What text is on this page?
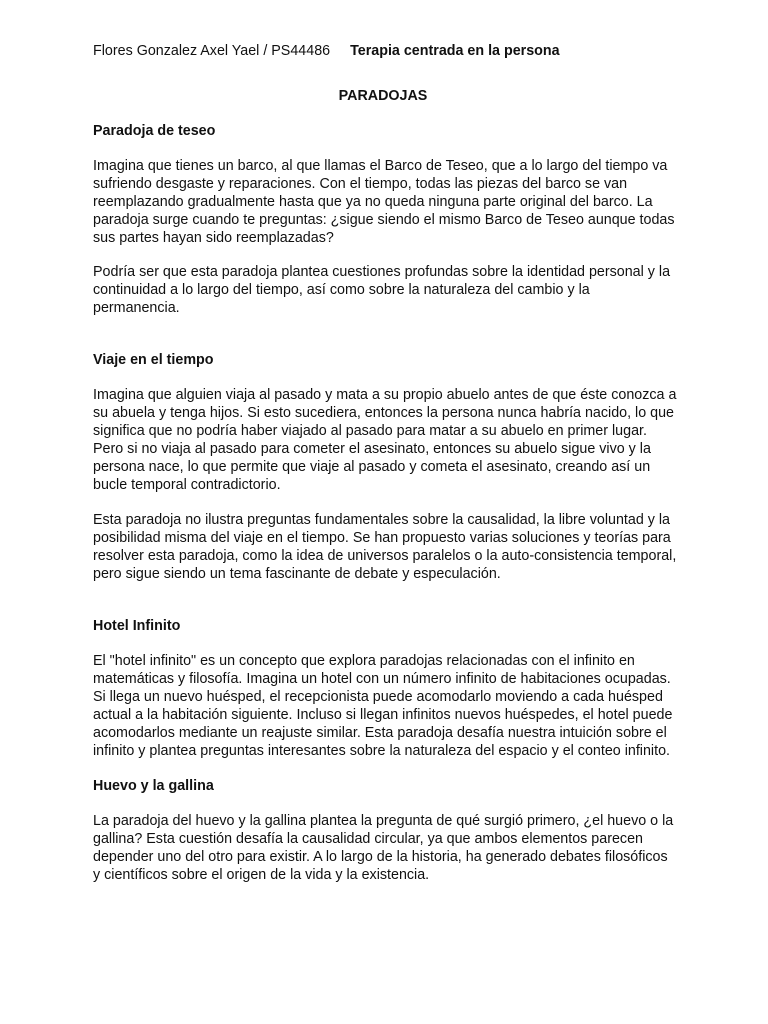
Flores Gonzalez Axel Yael / PS44486 Terapia centrada en la persona
PARADOJAS
Paradoja de teseo
Imagina que tienes un barco, al que llamas el Barco de Teseo, que a lo largo del tiempo va
sufriendo desgaste y reparaciones. Con el tiempo, todas las piezas del barco se van
reemplazando gradualmente hasta que ya no queda ninguna parte original del barco. La
paradoja surge cuando te preguntas: ¿sigue siendo el mismo Barco de Teseo aunque todas
sus partes hayan sido reemplazadas?
Podría ser que esta paradoja plantea cuestiones profundas sobre la identidad personal y la
continuidad a lo largo del tiempo, así como sobre la naturaleza del cambio y la
permanencia.
Viaje en el tiempo
Imagina que alguien viaja al pasado y mata a su propio abuelo antes de que éste conozca a
su abuela y tenga hijos. Si esto sucediera, entonces la persona nunca habría nacido, lo que
significa que no podría haber viajado al pasado para matar a su abuelo en primer lugar.
Pero si no viaja al pasado para cometer el asesinato, entonces su abuelo sigue vivo y la
persona nace, lo que permite que viaje al pasado y cometa el asesinato, creando así un
bucle temporal contradictorio.
Esta paradoja no ilustra preguntas fundamentales sobre la causalidad, la libre voluntad y la
posibilidad misma del viaje en el tiempo. Se han propuesto varias soluciones y teorías para
resolver esta paradoja, como la idea de universos paralelos o la auto-consistencia temporal,
pero sigue siendo un tema fascinante de debate y especulación.
Hotel Infinito
El "hotel infinito" es un concepto que explora paradojas relacionadas con el infinito en
matemáticas y filosofía. Imagina un hotel con un número infinito de habitaciones ocupadas.
Si llega un nuevo huésped, el recepcionista puede acomodarlo moviendo a cada huésped
actual a la habitación siguiente. Incluso si llegan infinitos nuevos huéspedes, el hotel puede
acomodarlos mediante un reajuste similar. Esta paradoja desafía nuestra intuición sobre el
infinito y plantea preguntas interesantes sobre la naturaleza del espacio y el conteo infinito.
Huevo y la gallina
La paradoja del huevo y la gallina plantea la pregunta de qué surgió primero, ¿el huevo o la
gallina? Esta cuestión desafía la causalidad circular, ya que ambos elementos parecen
depender uno del otro para existir. A lo largo de la historia, ha generado debates filosóficos
y científicos sobre el origen de la vida y la existencia.
